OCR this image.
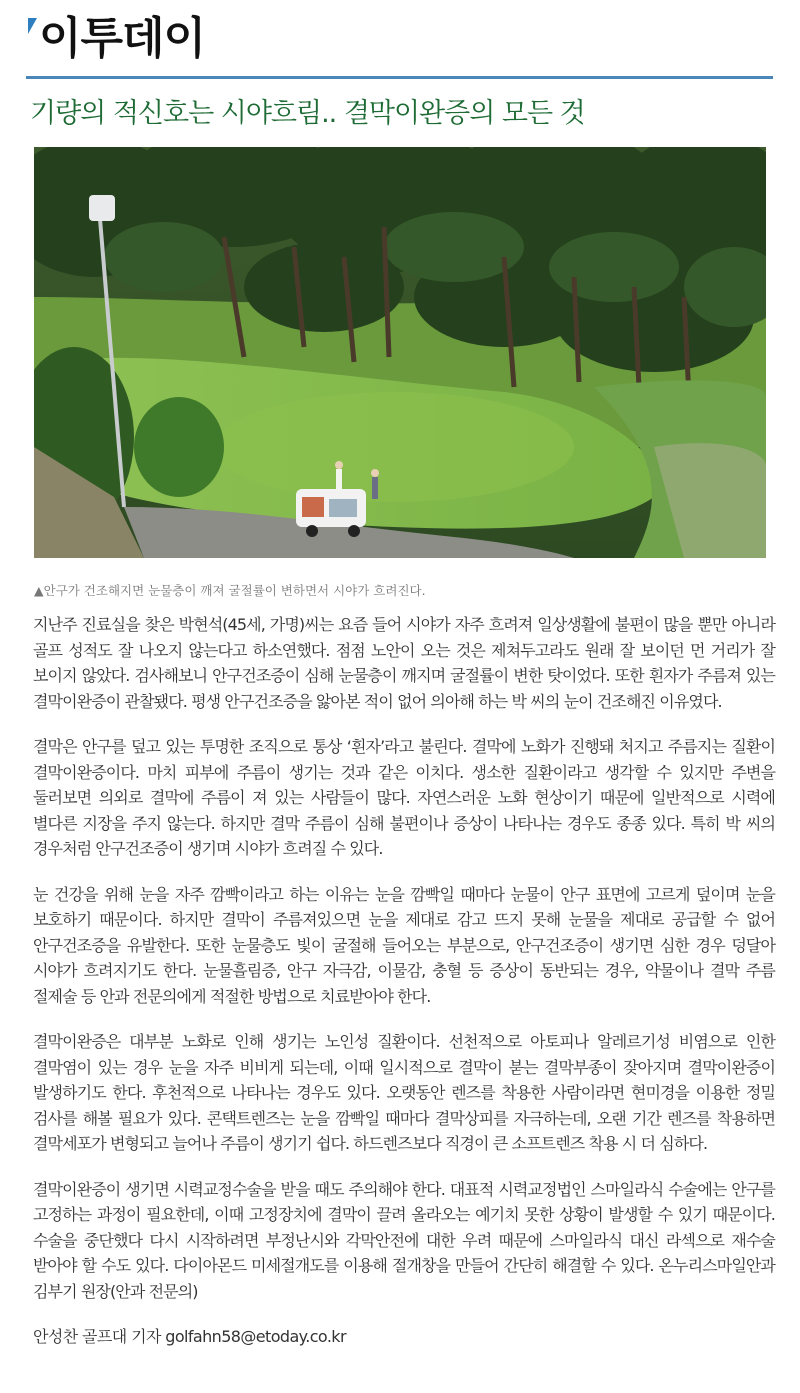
이투데이
기량의 적신호는 시야흐림.. 결막이완증의 모든 것
▲안구가 건조해지면 눈물층이 깨져 굴절률이 변하면서 시야가 흐려진다.

지난주 진료실을 찾은 박현석(45세, 가명)씨는 요즘 들어 시야가 자주 흐려져 일상생활에 불편이 많을 뿐만 아니라 골프 성적도 잘 나오지 않는다고 하소연했다. 점점 노안이 오는 것은 제쳐두고라도 원래 잘 보이던 먼 거리가 잘 보이지 않았다. 검사해보니 안구건조증이 심해 눈물층이 깨지며 굴절률이 변한 탓이었다. 또한 흰자가 주름져 있는 결막이완증이 관찰됐다. 평생 안구건조증을 앓아본 적이 없어 의아해 하는 박 씨의 눈이 건조해진 이유였다.

결막은 안구를 덮고 있는 투명한 조직으로 통상 ‘흰자’라고 불린다. 결막에 노화가 진행돼 처지고 주름지는 질환이 결막이완증이다. 마치 피부에 주름이 생기는 것과 같은 이치다. 생소한 질환이라고 생각할 수 있지만 주변을 둘러보면 의외로 결막에 주름이 져 있는 사람들이 많다. 자연스러운 노화 현상이기 때문에 일반적으로 시력에 별다른 지장을 주지 않는다. 하지만 결막 주름이 심해 불편이나 증상이 나타나는 경우도 종종 있다. 특히 박 씨의 경우처럼 안구건조증이 생기며 시야가 흐려질 수 있다.

눈 건강을 위해 눈을 자주 깜빡이라고 하는 이유는 눈을 깜빡일 때마다 눈물이 안구 표면에 고르게 덮이며 눈을 보호하기 때문이다. 하지만 결막이 주름져있으면 눈을 제대로 감고 뜨지 못해 눈물을 제대로 공급할 수 없어 안구건조증을 유발한다. 또한 눈물층도 빛이 굴절해 들어오는 부분으로, 안구건조증이 생기면 심한 경우 덩달아 시야가 흐려지기도 한다. 눈물흘림증, 안구 자극감, 이물감, 충혈 등 증상이 동반되는 경우, 약물이나 결막 주름 절제술 등 안과 전문의에게 적절한 방법으로 치료받아야 한다.

결막이완증은 대부분 노화로 인해 생기는 노인성 질환이다. 선천적으로 아토피나 알레르기성 비염으로 인한 결막염이 있는 경우 눈을 자주 비비게 되는데, 이때 일시적으로 결막이 붇는 결막부종이 잦아지며 결막이완증이 발생하기도 한다. 후천적으로 나타나는 경우도 있다. 오랫동안 렌즈를 착용한 사람이라면 현미경을 이용한 정밀 검사를 해볼 필요가 있다. 콘택트렌즈는 눈을 깜빡일 때마다 결막상피를 자극하는데, 오랜 기간 렌즈를 착용하면 결막세포가 변형되고 늘어나 주름이 생기기 쉽다. 하드렌즈보다 직경이 큰 소프트렌즈 착용 시 더 심하다.

결막이완증이 생기면 시력교정수술을 받을 때도 주의해야 한다. 대표적 시력교정법인 스마일라식 수술에는 안구를 고정하는 과정이 필요한데, 이때 고정장치에 결막이 끌려 올라오는 예기치 못한 상황이 발생할 수 있기 때문이다. 수술을 중단했다 다시 시작하려면 부정난시와 각막안전에 대한 우려 때문에 스마일라식 대신 라섹으로 재수술 받아야 할 수도 있다. 다이아몬드 미세절개도를 이용해 절개창을 만들어 간단히 해결할 수 있다. 온누리스마일안과 김부기 원장(안과 전문의)

안성찬 골프대 기자 golfahn58@etoday.co.kr
